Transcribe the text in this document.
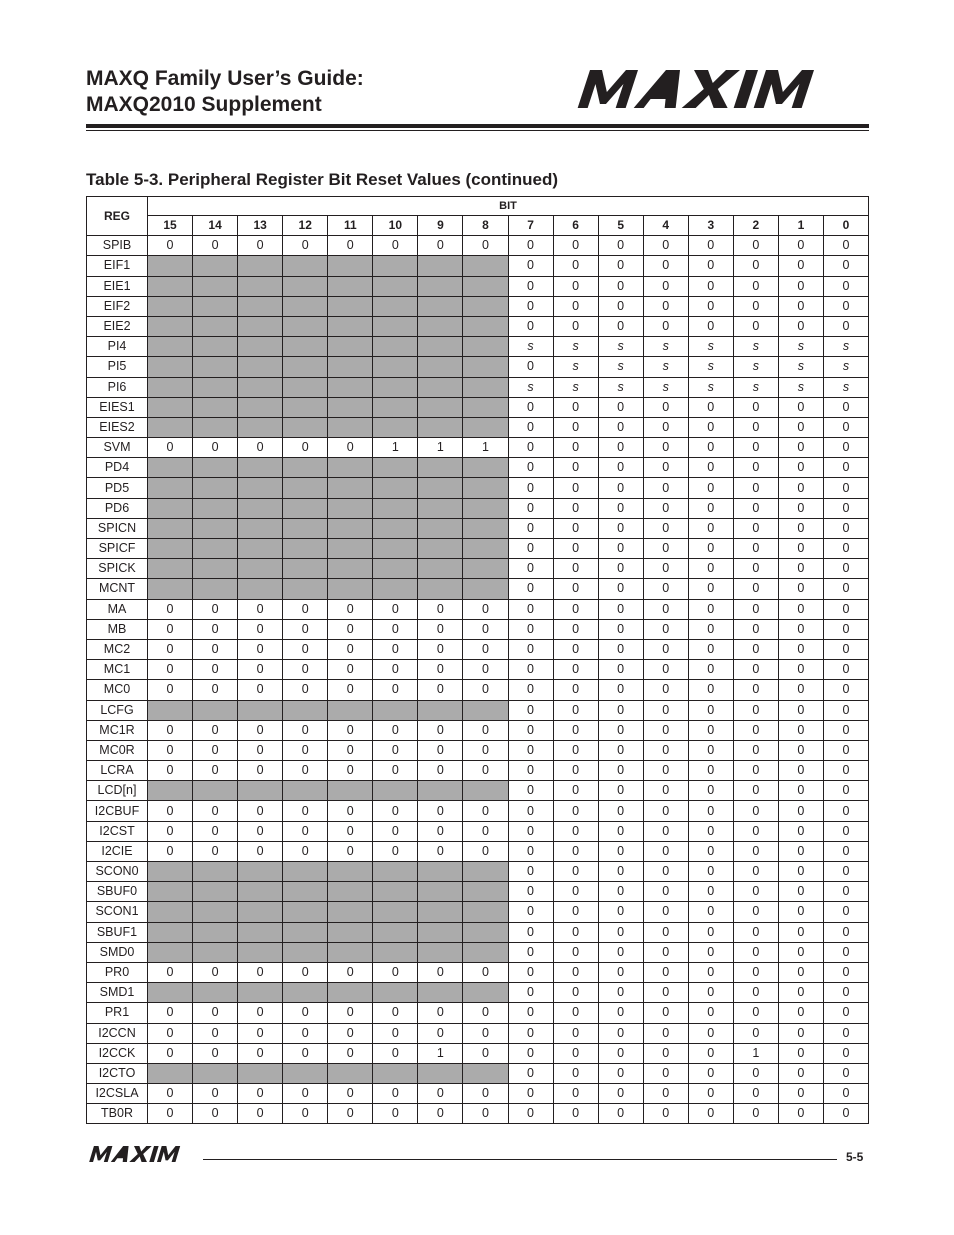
MAXQ Family User’s Guide:
MAXQ2010 Supplement
Table 5-3. Peripheral Register Bit Reset Values (continued)
REG	BIT															
	15	14	13	12	11	10	9	8	7	6	5	4	3	2	1	0
SPIB	0	0	0	0	0	0	0	0	0	0	0	0	0	0	0	0
EIF1									0	0	0	0	0	0	0	0
EIE1									0	0	0	0	0	0	0	0
EIF2									0	0	0	0	0	0	0	0
EIE2									0	0	0	0	0	0	0	0
PI4									s	s	s	s	s	s	s	s
PI5									0	s	s	s	s	s	s	s
PI6									s	s	s	s	s	s	s	s
EIES1									0	0	0	0	0	0	0	0
EIES2									0	0	0	0	0	0	0	0
SVM	0	0	0	0	0	1	1	1	0	0	0	0	0	0	0	0
PD4									0	0	0	0	0	0	0	0
PD5									0	0	0	0	0	0	0	0
PD6									0	0	0	0	0	0	0	0
SPICN									0	0	0	0	0	0	0	0
SPICF									0	0	0	0	0	0	0	0
SPICK									0	0	0	0	0	0	0	0
MCNT									0	0	0	0	0	0	0	0
MA	0	0	0	0	0	0	0	0	0	0	0	0	0	0	0	0
MB	0	0	0	0	0	0	0	0	0	0	0	0	0	0	0	0
MC2	0	0	0	0	0	0	0	0	0	0	0	0	0	0	0	0
MC1	0	0	0	0	0	0	0	0	0	0	0	0	0	0	0	0
MC0	0	0	0	0	0	0	0	0	0	0	0	0	0	0	0	0
LCFG									0	0	0	0	0	0	0	0
MC1R	0	0	0	0	0	0	0	0	0	0	0	0	0	0	0	0
MC0R	0	0	0	0	0	0	0	0	0	0	0	0	0	0	0	0
LCRA	0	0	0	0	0	0	0	0	0	0	0	0	0	0	0	0
LCD[n]									0	0	0	0	0	0	0	0
I2CBUF	0	0	0	0	0	0	0	0	0	0	0	0	0	0	0	0
I2CST	0	0	0	0	0	0	0	0	0	0	0	0	0	0	0	0
I2CIE	0	0	0	0	0	0	0	0	0	0	0	0	0	0	0	0
SCON0									0	0	0	0	0	0	0	0
SBUF0									0	0	0	0	0	0	0	0
SCON1									0	0	0	0	0	0	0	0
SBUF1									0	0	0	0	0	0	0	0
SMD0									0	0	0	0	0	0	0	0
PR0	0	0	0	0	0	0	0	0	0	0	0	0	0	0	0	0
SMD1									0	0	0	0	0	0	0	0
PR1	0	0	0	0	0	0	0	0	0	0	0	0	0	0	0	0
I2CCN	0	0	0	0	0	0	0	0	0	0	0	0	0	0	0	0
I2CCK	0	0	0	0	0	0	1	0	0	0	0	0	0	1	0	0
I2CTO									0	0	0	0	0	0	0	0
I2CSLA	0	0	0	0	0	0	0	0	0	0	0	0	0	0	0	0
TB0R	0	0	0	0	0	0	0	0	0	0	0	0	0	0	0	0
5-5
